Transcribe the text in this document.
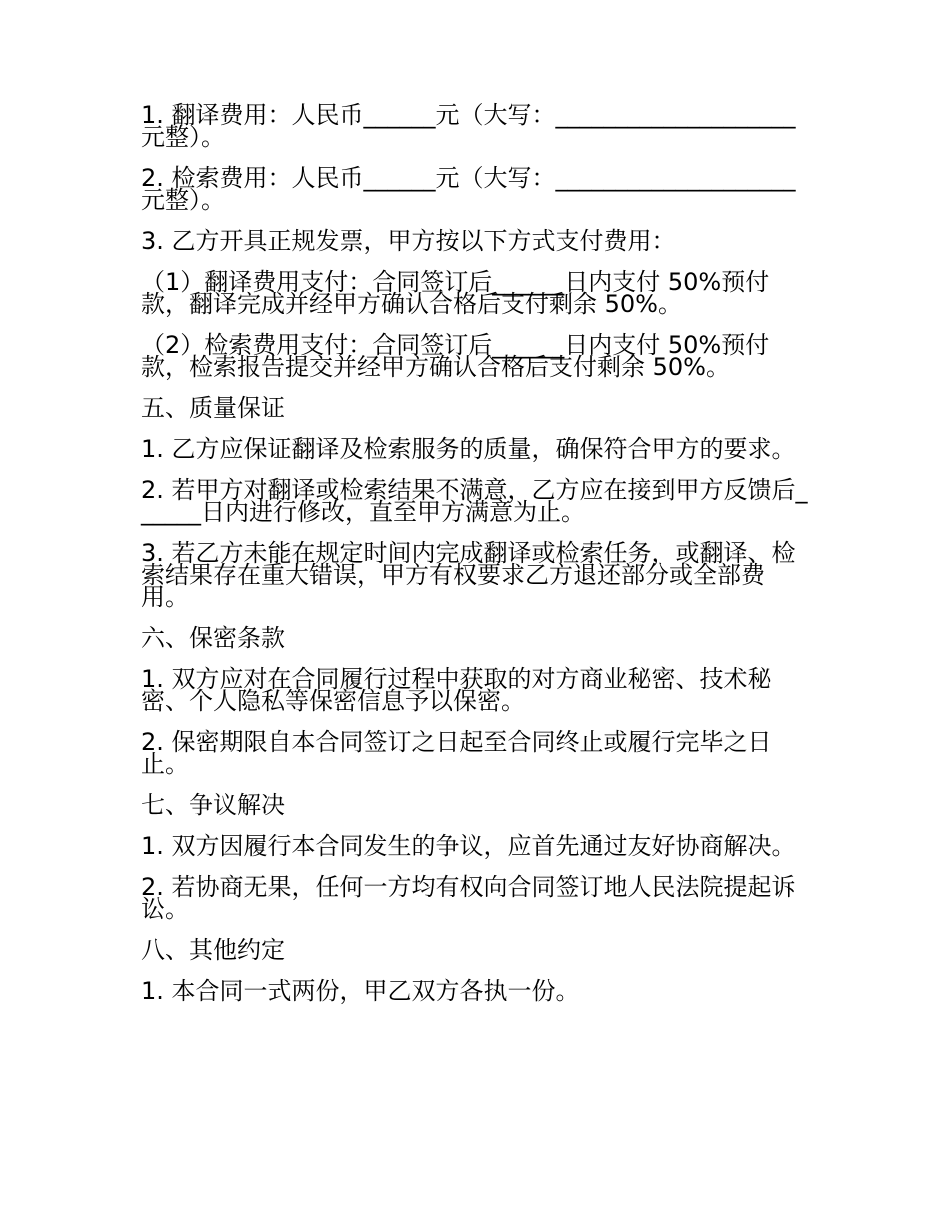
1. 翻译费用：人民币______元（大写：____________________元整）。

2. 检索费用：人民币______元（大写：____________________元整）。

3. 乙方开具正规发票，甲方按以下方式支付费用：

（1）翻译费用支付：合同签订后______日内支付 50%预付款，翻译完成并经甲方确认合格后支付剩余 50%。

（2）检索费用支付：合同签订后______日内支付 50%预付款，检索报告提交并经甲方确认合格后支付剩余 50%。

五、质量保证

1. 乙方应保证翻译及检索服务的质量，确保符合甲方的要求。

2. 若甲方对翻译或检索结果不满意，乙方应在接到甲方反馈后______日内进行修改，直至甲方满意为止。

3. 若乙方未能在规定时间内完成翻译或检索任务，或翻译、检索结果存在重大错误，甲方有权要求乙方退还部分或全部费用。

六、保密条款

1. 双方应对在合同履行过程中获取的对方商业秘密、技术秘密、个人隐私等保密信息予以保密。

2. 保密期限自本合同签订之日起至合同终止或履行完毕之日止。

七、争议解决

1. 双方因履行本合同发生的争议，应首先通过友好协商解决。

2. 若协商无果，任何一方均有权向合同签订地人民法院提起诉讼。

八、其他约定

1. 本合同一式两份，甲乙双方各执一份。
